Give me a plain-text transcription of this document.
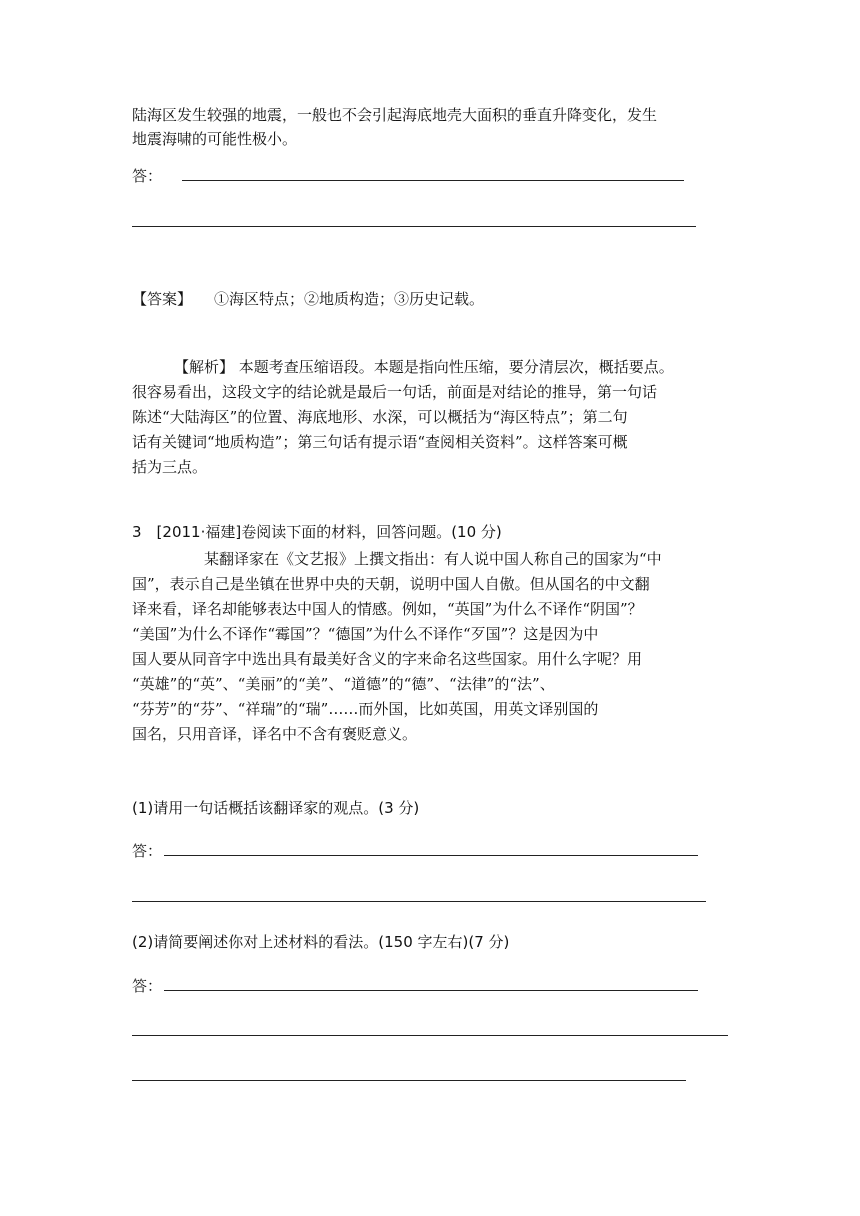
陆海区发生较强的地震，一般也不会引起海底地壳大面积的垂直升降变化，发生
地震海啸的可能性极小。
答：
【答案】 ①海区特点；②地质构造；③历史记载。
【解析】 本题考查压缩语段。本题是指向性压缩，要分清层次，概括要点。
很容易看出，这段文字的结论就是最后一句话，前面是对结论的推导，第一句话
陈述“大陆海区”的位置、海底地形、水深，可以概括为“海区特点”；第二句
话有关键词“地质构造”；第三句话有提示语“查阅相关资料”。这样答案可概
括为三点。
3　[2011·福建]卷阅读下面的材料，回答问题。(10 分)
某翻译家在《文艺报》上撰文指出：有人说中国人称自己的国家为“中
国”，表示自己是坐镇在世界中央的天朝，说明中国人自傲。但从国名的中文翻
译来看，译名却能够表达中国人的情感。例如，“英国”为什么不译作“阴国”？
“美国”为什么不译作“霉国”？“德国”为什么不译作“歹国”？这是因为中
国人要从同音字中选出具有最美好含义的字来命名这些国家。用什么字呢？用
“英雄”的“英”、“美丽”的“美”、“道德”的“德”、“法律”的“法”、
“芬芳”的“芬”、“祥瑞”的“瑞”……而外国，比如英国，用英文译别国的
国名，只用音译，译名中不含有褒贬意义。
(1)请用一句话概括该翻译家的观点。(3 分)
答：
(2)请简要阐述你对上述材料的看法。(150 字左右)(7 分)
答：
